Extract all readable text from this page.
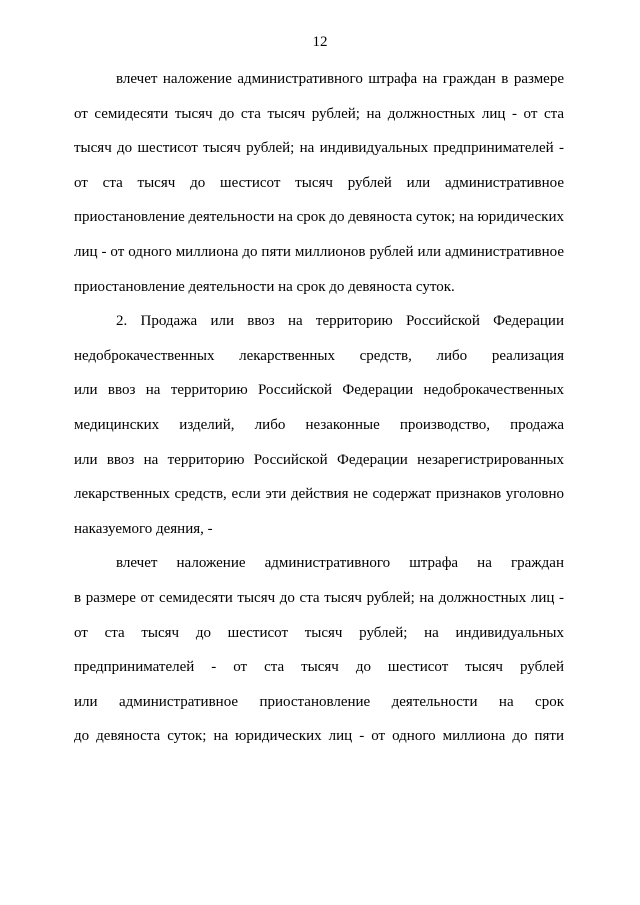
12

влечет наложение административного штрафа на граждан в размере
от семидесяти тысяч до ста тысяч рублей; на должностных лиц - от ста
тысяч до шестисот тысяч рублей; на индивидуальных предпринимателей -
от ста тысяч до шестисот тысяч рублей или административное
приостановление деятельности на срок до девяноста суток; на юридических
лиц - от одного миллиона до пяти миллионов рублей или административное
приостановление деятельности на срок до девяноста суток.

2. Продажа или ввоз на территорию Российской Федерации
недоброкачественных лекарственных средств, либо реализация
или ввоз на территорию Российской Федерации недоброкачественных
медицинских изделий, либо незаконные производство, продажа
или ввоз на территорию Российской Федерации незарегистрированных
лекарственных средств, если эти действия не содержат признаков уголовно
наказуемого деяния, -

влечет наложение административного штрафа на граждан
в размере от семидесяти тысяч до ста тысяч рублей; на должностных лиц -
от ста тысяч до шестисот тысяч рублей; на индивидуальных
предпринимателей - от ста тысяч до шестисот тысяч рублей
или административное приостановление деятельности на срок
до девяноста суток; на юридических лиц - от одного миллиона до пяти
